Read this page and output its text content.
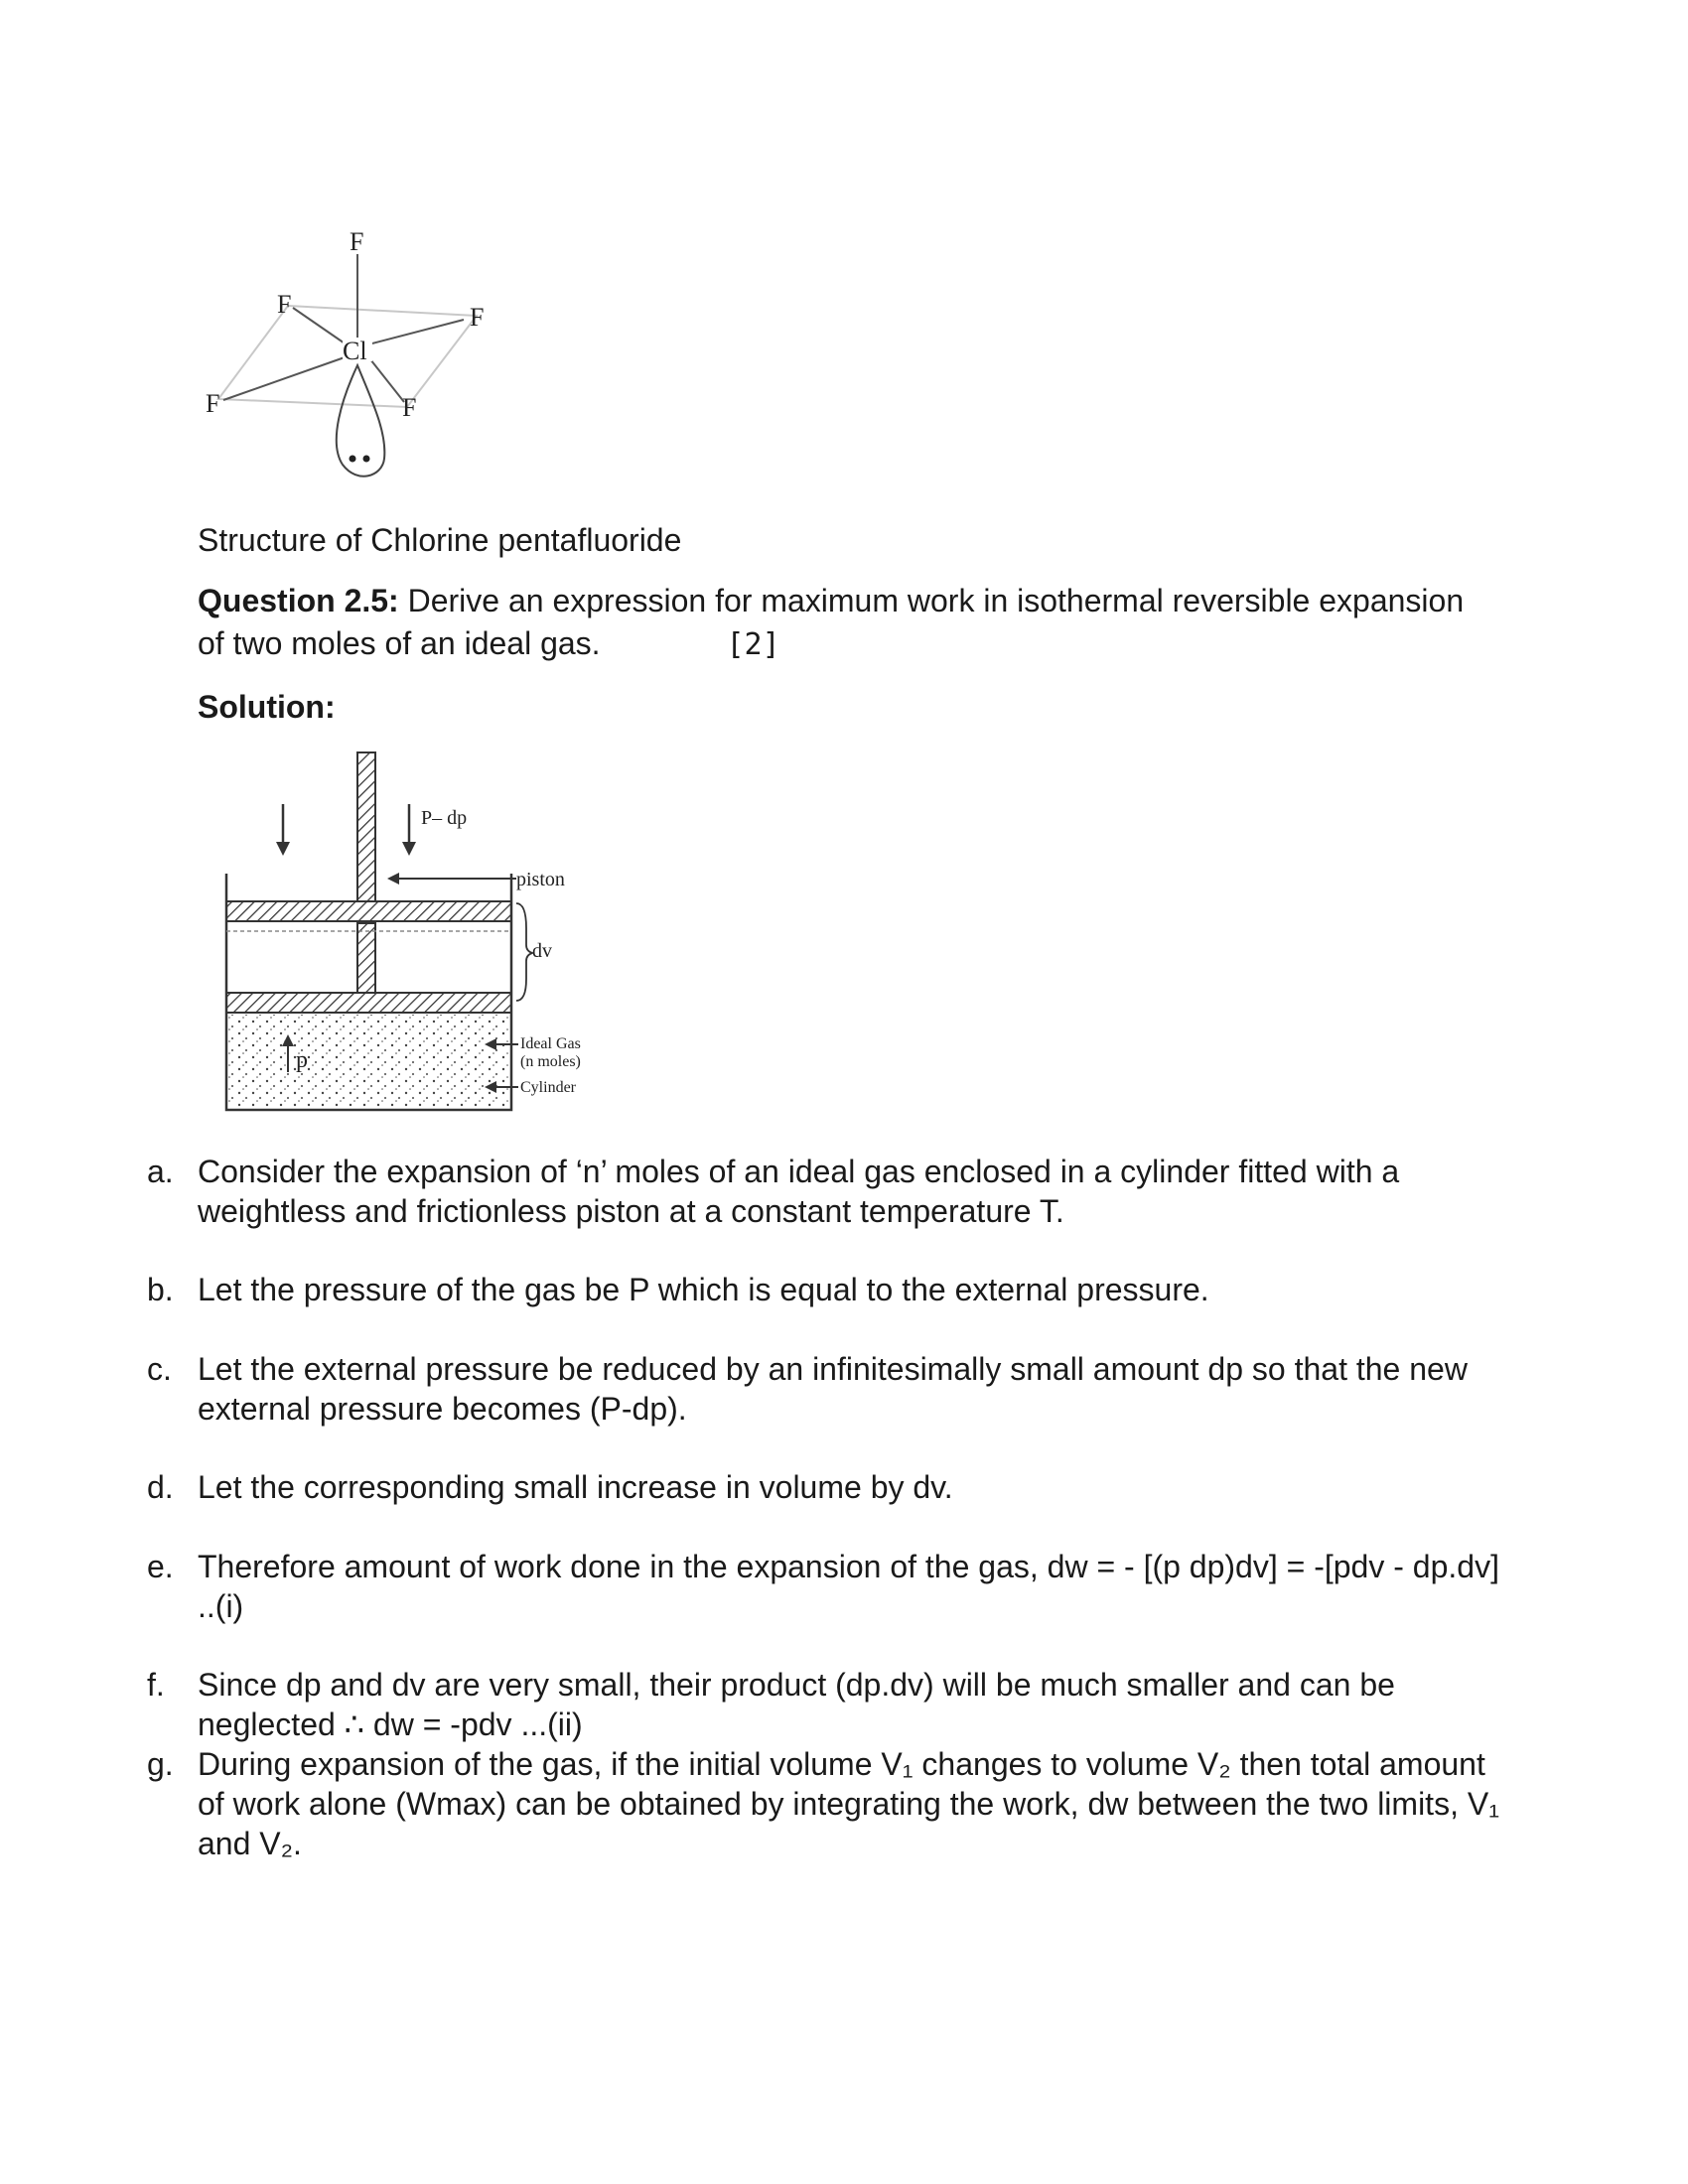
F
F	F
F	F
Cl
Structure of Chlorine pentafluoride
Question 2.5: Derive an expression for maximum work in isothermal reversible expansion of two moles of an ideal gas.	[2]
Solution:
P– dp
piston
dv
Ideal Gas
(n moles)
Cylinder
p
a. Consider the expansion of ‘n’ moles of an ideal gas enclosed in a cylinder fitted with a weightless and frictionless piston at a constant temperature T.
b. Let the pressure of the gas be P which is equal to the external pressure.
c. Let the external pressure be reduced by an infinitesimally small amount dp so that the new external pressure becomes (P-dp).
d. Let the corresponding small increase in volume by dv.
e. Therefore amount of work done in the expansion of the gas, dw = - [(p dp)dv] = -[pdv - dp.dv] ..(i)
f.	Since dp and dv are very small, their product (dp.dv) will be much smaller and can be neglected ∴ dw = -pdv ...(ii)
g. During expansion of the gas, if the initial volume V₁ changes to volume V₂ then total amount of work alone (Wmax) can be obtained by integrating the work, dw between the two limits, V₁ and V₂.
